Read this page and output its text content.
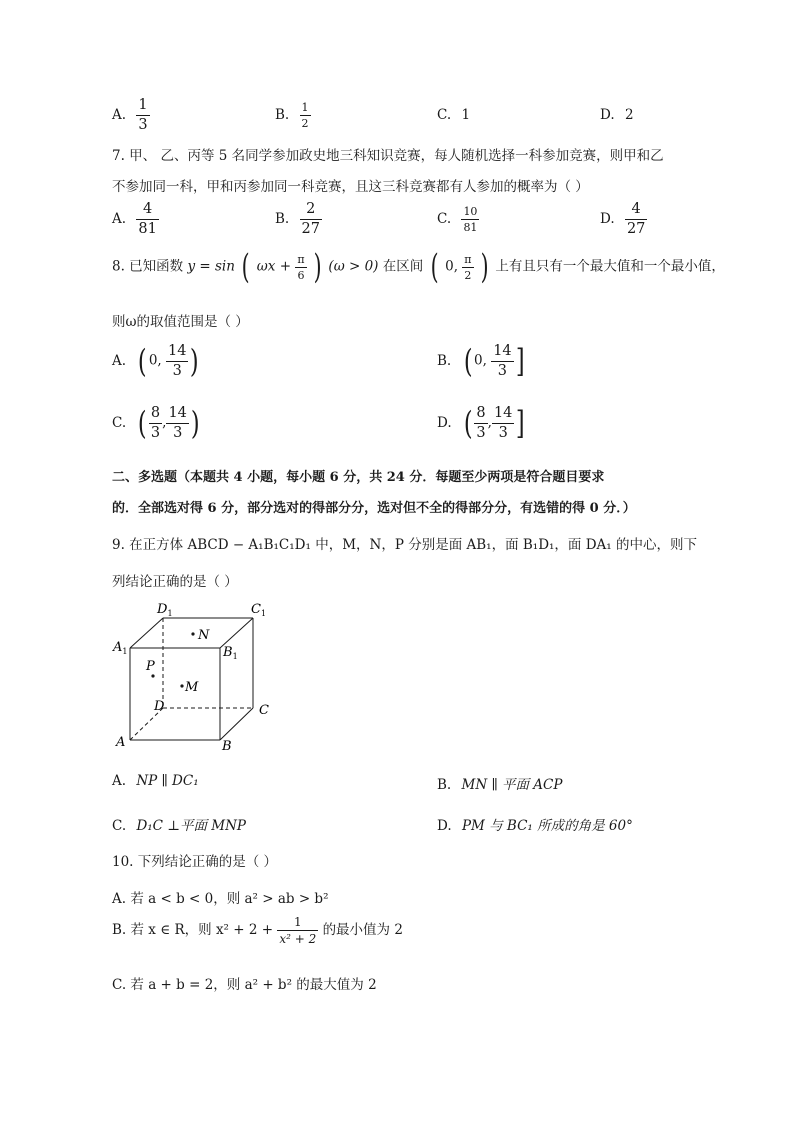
A. $\frac{1}{3}$	B. $\frac{1}{2}$	C. 1	D. 2
7. 甲、 乙、丙等 5 名同学参加政史地三科知识竞赛，每人随机选择一科参加竞赛，则甲和乙
不参加同一科，甲和丙参加同一科竞赛，且这三科竞赛都有人参加的概率为（ ）
A. $\frac{4}{81}$	B. $\frac{2}{27}$	C. $\frac{10}{81}$	D. $\frac{4}{27}$
8. 已知函数 y = sin ( $\omega x + \frac{\pi}{6}$ ) (ω > 0) 在区间 ( 0, $\frac{\pi}{2}$ ) 上有且只有一个最大值和一个最小值，
则ω的取值范围是（ ）
A. ( 0, $\frac{14}{3}$ )	B. ( 0, $\frac{14}{3}$ ]
C. ( $\frac{8}{3}$ , $\frac{14}{3}$ )	D. ( $\frac{8}{3}$ , $\frac{14}{3}$ ]
二、多选题（本题共 4 小题，每小题 6 分，共 24 分．每题至少两项是符合题目要求
的．全部选对得 6 分，部分选对的得部分分，选对但不全的得部分分，有选错的得 0 分．）
9. 在正方体 ABCD − A₁B₁C₁D₁ 中，M，N，P 分别是面 AB₁，面 B₁D₁，面 DA₁ 的中心，则下
列结论正确的是（ ）
$D_1$	$C_1$
$A_1$	$B_1$
N
P
M
D	C
A	B
A. NP ∥ DC₁	B. MN ∥ 平面 ACP
C. D₁C ⊥平面 MNP	D. PM 与 BC₁ 所成的角是 60°
10. 下列结论正确的是（ ）
A. 若 a < b < 0，则 a² > ab > b²
B. 若 x ∈ R，则 $x^2 + 2 + \frac{1}{\text{x² + 2}}$ 的最小值为 2
C. 若 a + b = 2，则 a² + b² 的最大值为 2
